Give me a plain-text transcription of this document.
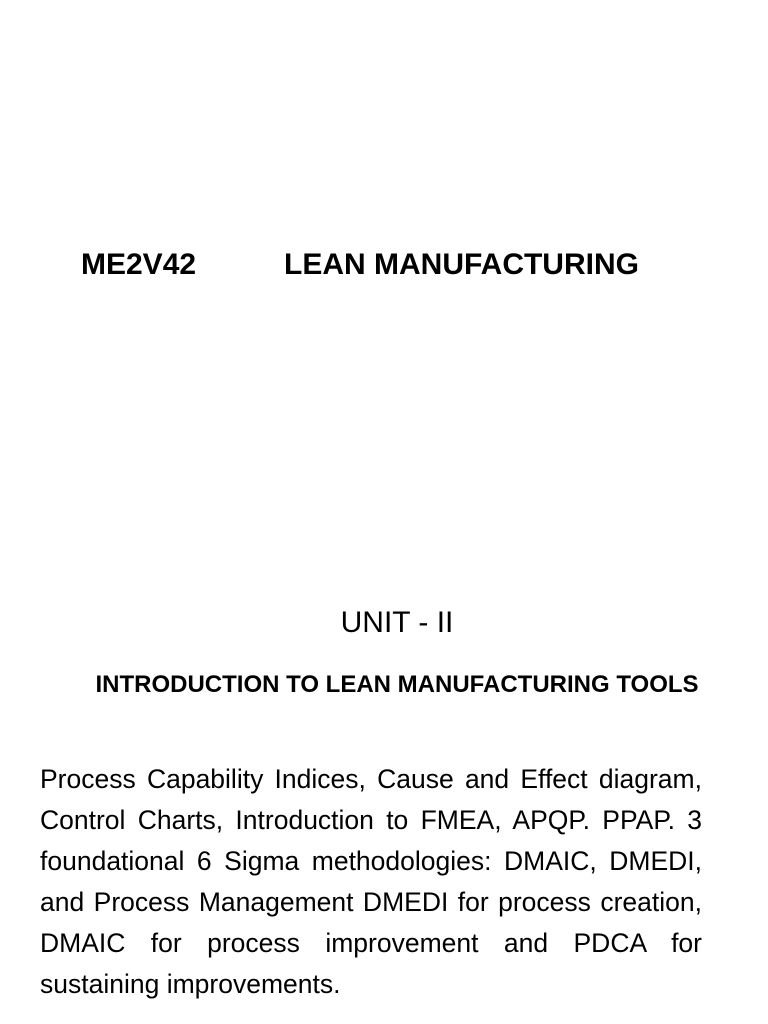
ME2V42	LEAN MANUFACTURING
UNIT - II
INTRODUCTION TO LEAN MANUFACTURING TOOLS
Process Capability Indices, Cause and Effect diagram, Control Charts, Introduction to FMEA, APQP. PPAP. 3 foundational 6 Sigma methodologies: DMAIC, DMEDI, and Process Management DMEDI for process creation, DMAIC for process improvement and PDCA for sustaining improvements.
